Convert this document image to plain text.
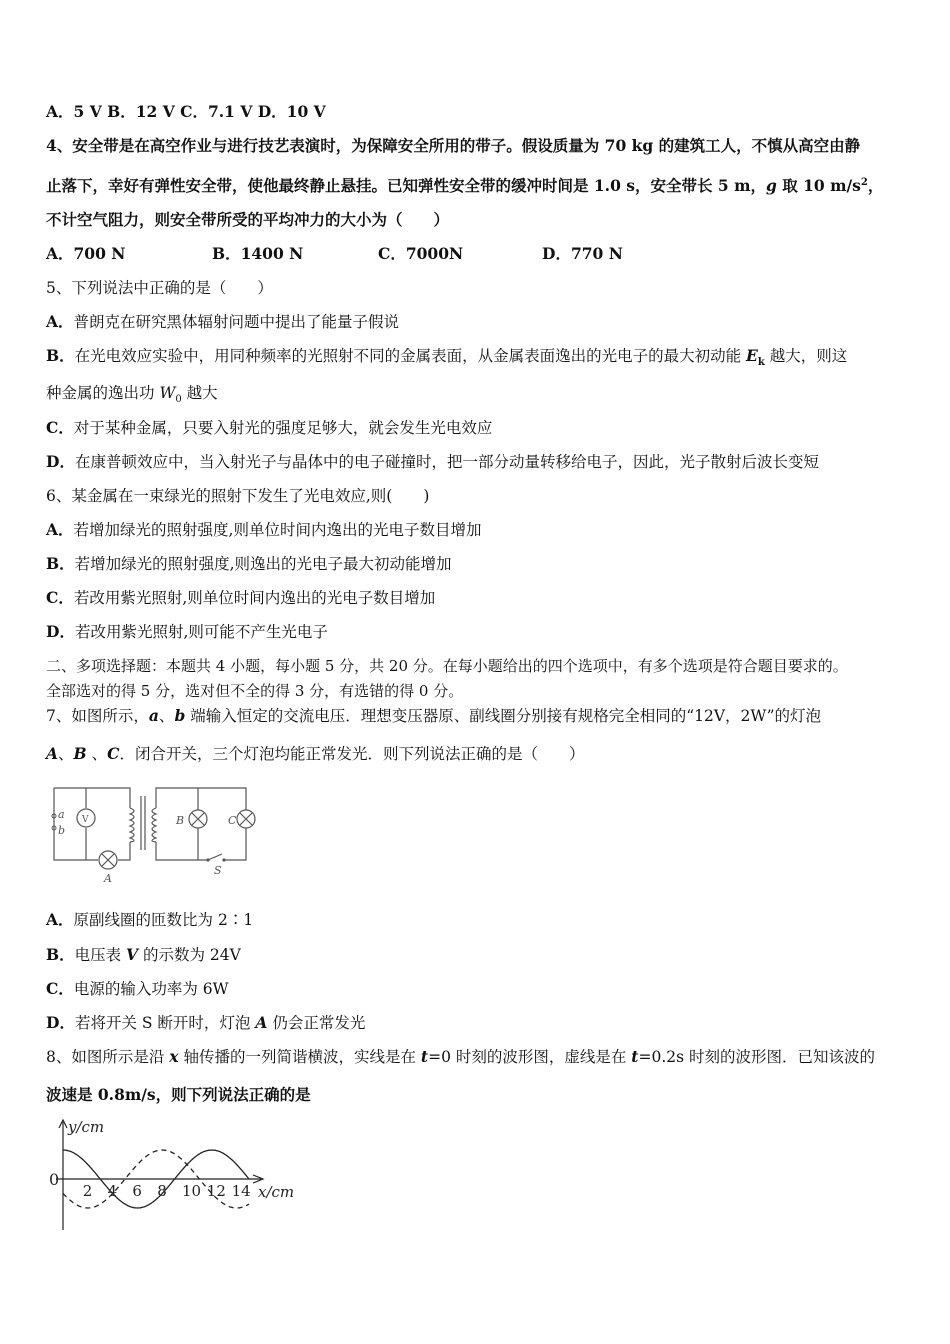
A．5 V B．12 V C．7.1 V D．10 V
4、安全带是在高空作业与进行技艺表演时，为保障安全所用的带子。假设质量为 70 kg 的建筑工人，不慎从高空由静
止落下，幸好有弹性安全带，使他最终静止悬挂。已知弹性安全带的缓冲时间是 1.0 s，安全带长 5 m，g 取 10 $m/s^2$，
不计空气阻力，则安全带所受的平均冲力的大小为（　　）
A．700 N	B．1400 N	C．7000N	D．770 N
5、下列说法中正确的是（　　）
A．普朗克在研究黑体辐射问题中提出了能量子假说
B．在光电效应实验中，用同种频率的光照射不同的金属表面，从金属表面逸出的光电子的最大初动能 $E_k$ 越大，则这
种金属的逸出功 $W_0$ 越大
C．对于某种金属，只要入射光的强度足够大，就会发生光电效应
D．在康普顿效应中，当入射光子与晶体中的电子碰撞时，把一部分动量转移给电子，因此，光子散射后波长变短
6、某金属在一束绿光的照射下发生了光电效应,则(　　)
A．若增加绿光的照射强度,则单位时间内逸出的光电子数目增加
B．若增加绿光的照射强度,则逸出的光电子最大初动能增加
C．若改用紫光照射,则单位时间内逸出的光电子数目增加
D．若改用紫光照射,则可能不产生光电子
二、多项选择题：本题共 4 小题，每小题 5 分，共 20 分。在每小题给出的四个选项中，有多个选项是符合题目要求的。
全部选对的得 5 分，选对但不全的得 3 分，有选错的得 0 分。
7、如图所示，a、b 端输入恒定的交流电压．理想变压器原、副线圈分别接有规格完全相同的“12V，2W”的灯泡
A、B 、C．闭合开关，三个灯泡均能正常发光．则下列说法正确的是（　　）
a
b
V
A
B	C
S
A．原副线圈的匝数比为 2∶1
B．电压表 V 的示数为 24V
C．电源的输入功率为 6W
D．若将开关 S 断开时，灯泡 A 仍会正常发光
8、如图所示是沿 x 轴传播的一列简谐横波，实线是在 t=0 时刻的波形图，虚线是在 t=0.2s 时刻的波形图．已知该波的
波速是 0.8m/s，则下列说法正确的是
y/cm
x/cm
0
2 4 6 8 10 12 14
